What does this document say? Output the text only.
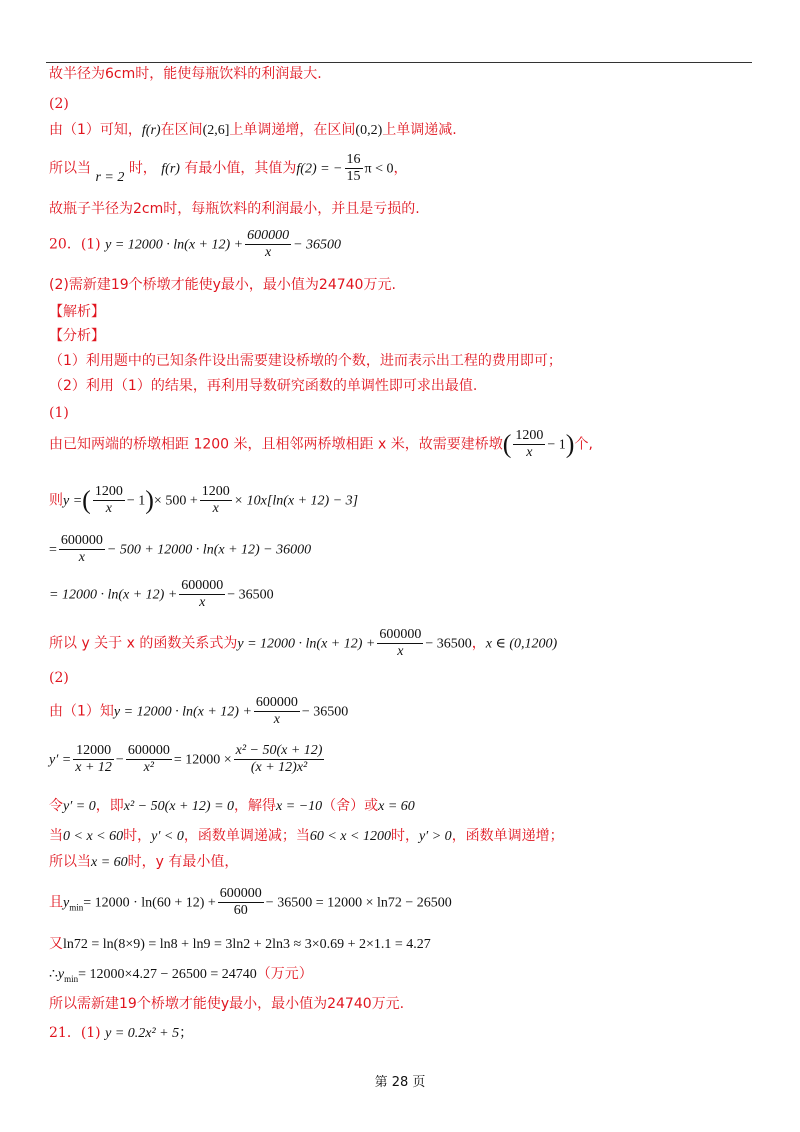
故半径为6cm时，能使每瓶饮料的利润最大.
(2)
由（1）可知，f(r)在区间(2,6]上单调递增，在区间(0,2)上单调递减.
所以当 r = 2 时， f(r) 有最小值，其值为f(2) = − $\frac{16}{15}$ π < 0，
故瓶子半径为2cm时，每瓶饮料的利润最小，并且是亏损的.
20．(1) $y = 12000 \cdot \ln(x + 12) + \frac{600000}{x} - 36500$
(2)需新建19个桥墩才能使y最小，最小值为24740万元.
【解析】
【分析】
（1）利用题中的已知条件设出需要建设桥墩的个数，进而表示出工程的费用即可；
（2）利用（1）的结果，再利用导数研究函数的单调性即可求出最值.
(1)
由已知两端的桥墩相距 1200 米，且相邻两桥墩相距 x 米，故需要建桥墩( $\frac{1200}{x} - 1$)个,
则y =( $\frac{1200}{x} - 1)\times 500 + \frac{1200}{x} \times 10x[\ln(x + 12) - 3]$
= $\frac{600000}{x} - 500 + 12000 \cdot \ln(x + 12) - 36000$
= $12000 \cdot \ln(x + 12) + \frac{600000}{x} - 36500$
所以 y 关于 x 的函数关系式为$y = 12000 \cdot \ln(x + 12) + \frac{600000}{x} - 36500$，x ∈ (0,1200)
(2)
由（1）知$y = 12000 \cdot \ln(x + 12) + \frac{600000}{x} - 36500$
$y' = \frac{12000}{x + 12} - \frac{600000}{\text{x²}} = 12000 \times \frac{\text{x² − 50(x + 12)}}{\text{(x + 12)x²}}$
令y′ = 0，即x² − 50(x + 12) = 0，解得x = −10（舍）或x = 60
当0 < x < 60时，y′ < 0，函数单调递减；当60 < x < 1200时，y′ > 0，函数单调递增；
所以当x = 60时，y 有最小值，
且$y_{min}= 12000 \cdot \ln(60 + 12) + \frac{600000}{60} - 36500 = 12000 \times \ln 72 - 26500$
又ln72 = ln(8×9) = ln8 + ln9 = 3ln2 + 2ln3 ≈ 3×0.69 + 2×1.1 = 4.27
$\therefore y_{min}= 12000\times 4.27 - 26500 = 24740$（万元）
所以需新建19个桥墩才能使y最小，最小值为24740万元.
21．(1) y = 0.2x² + 5；
第 28 页
